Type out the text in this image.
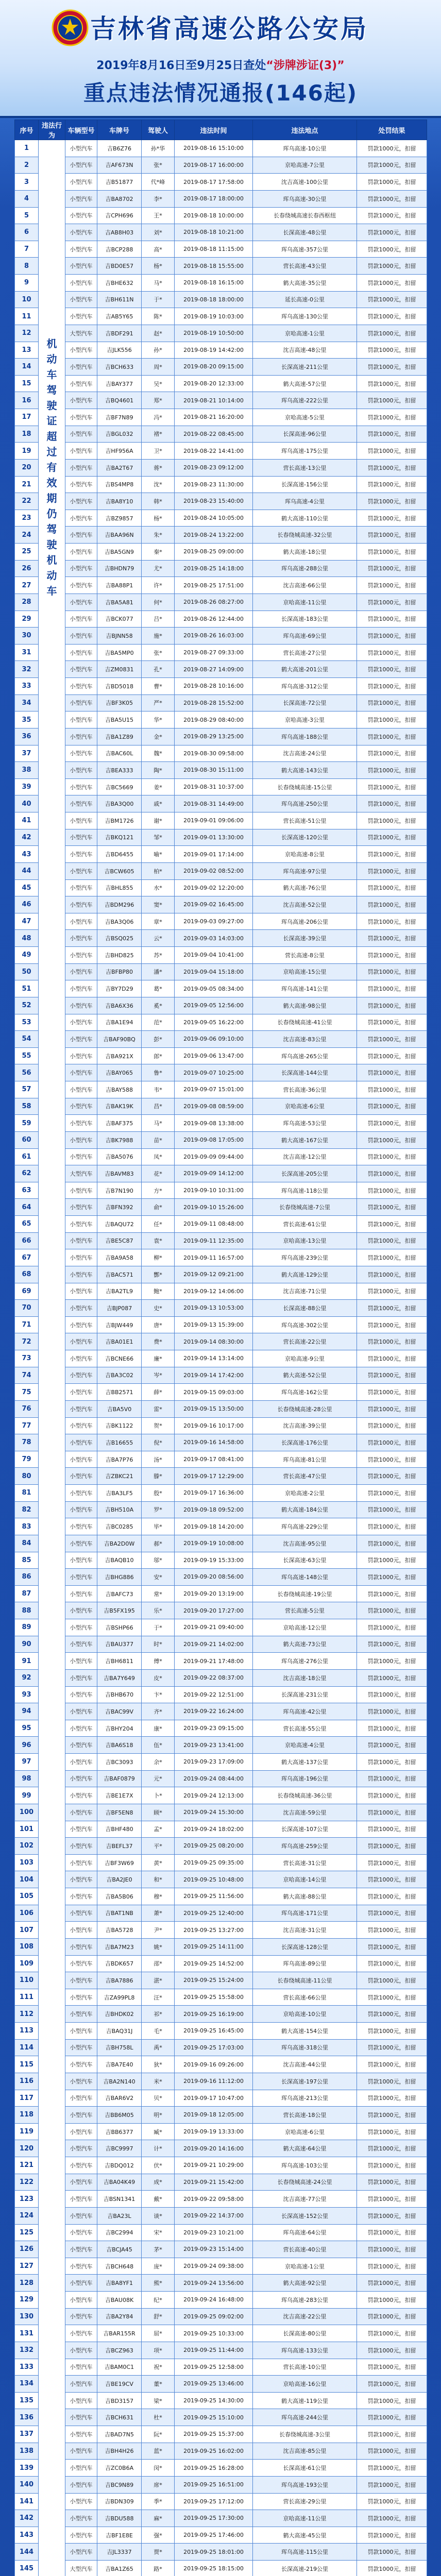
吉林省高速公路公安局
2019年8月16日至9月25日查处“涉牌涉证(3)”
重点违法情况通报(146起)
序号	违法行为	车辆型号	车牌号	驾驶人	违法时间	违法地点	处罚结果
1	机动车驾驶证超过有效期仍驾驶机动车	小型汽车	吉B6Z76	孙*华	2019-08-16 15:10:00	珲乌高速-10公里	罚款1000元，扣留
2		小型汽车	吉AF673N	张*	2019-08-17 16:00:00	京哈高速-7公里	罚款1000元，扣留
3		小型汽车	吉B51877	代*峰	2019-08-17 17:58:00	沈吉高速-100公里	罚款1000元，扣留
4		小型汽车	吉BA8702	李*	2019-08-17 18:00:00	珲乌高速-30公里	罚款1000元，扣留
5		小型汽车	吉CPH696	王*	2019-08-18 10:00:00	长春绕城高速长春西枢纽	罚款1000元，扣留
6		小型汽车	吉AB8H03	刘*	2019-08-18 10:21:00	长深高速-48公里	罚款1000元，扣留
7		小型汽车	吉BCP288	高*	2019-08-18 11:15:00	珲乌高速-357公里	罚款1000元，扣留
8		小型汽车	吉BD0E57	杨*	2019-08-18 15:55:00	营长高速-43公里	罚款1000元，扣留
9		小型汽车	吉BHE632	马*	2019-08-18 16:15:00	鹤大高速-35公里	罚款1000元，扣留
10		小型汽车	吉BH611N	于*	2019-08-18 18:00:00	延长高速-0公里	罚款1000元，扣留
11		小型汽车	吉AB5Y65	陈*	2019-08-19 10:03:00	珲乌高速-130公里	罚款1000元，扣留
12		大型汽车	吉BDF291	赵*	2019-08-19 10:50:00	京哈高速-1公里	罚款1000元，扣留
13		小型汽车	吉JLK556	孙*	2019-08-19 14:42:00	沈吉高速-48公里	罚款1000元，扣留
14		小型汽车	吉BCH633	周*	2019-08-20 09:15:00	长深高速-211公里	罚款1000元，扣留
15		小型汽车	吉BAY377	吴*	2019-08-20 12:33:00	鹤大高速-57公里	罚款1000元，扣留
16		小型汽车	吉BQ4601	郑*	2019-08-21 10:14:00	珲乌高速-222公里	罚款1000元，扣留
17		小型汽车	吉BF7N89	冯*	2019-08-21 16:20:00	京哈高速-5公里	罚款1000元，扣留
18		小型汽车	吉BGL032	褚*	2019-08-22 08:45:00	长深高速-96公里	罚款1000元，扣留
19		小型汽车	吉HF956A	卫*	2019-08-22 14:41:00	珲乌高速-175公里	罚款1000元，扣留
20		小型汽车	吉BA2T67	蒋*	2019-08-23 09:12:00	营长高速-13公里	罚款1000元，扣留
21		小型汽车	吉BS4MP8	沈*	2019-08-23 11:30:00	长深高速-156公里	罚款1000元，扣留
22		小型汽车	吉BA8Y10	韩*	2019-08-23 15:40:00	珲乌高速-4公里	罚款1000元，扣留
23		小型汽车	吉BZ9857	杨*	2019-08-24 10:05:00	鹤大高速-110公里	罚款1000元，扣留
24		小型汽车	吉BAA96N	朱*	2019-08-24 13:22:00	长春绕城高速-32公里	罚款1000元，扣留
25		小型汽车	吉BA5GN9	秦*	2019-08-25 09:00:00	鹤大高速-18公里	罚款1000元，扣留
26		小型汽车	吉BHDN79	尤*	2019-08-25 14:18:00	珲乌高速-288公里	罚款1000元，扣留
27		小型汽车	吉BA88P1	许*	2019-08-25 17:51:00	沈吉高速-66公里	罚款1000元，扣留
28		小型汽车	吉BA5A81	何*	2019-08-26 08:27:00	京哈高速-11公里	罚款1000元，扣留
29		小型汽车	吉BCK077	吕*	2019-08-26 12:44:00	长深高速-183公里	罚款1000元，扣留
30		小型汽车	吉BJNN58	施*	2019-08-26 16:03:00	珲乌高速-69公里	罚款1000元，扣留
31		小型汽车	吉BA5MP0	张*	2019-08-27 09:33:00	营长高速-27公里	罚款1000元，扣留
32		小型汽车	吉ZM0831	孔*	2019-08-27 14:09:00	鹤大高速-201公里	罚款1000元，扣留
33		小型汽车	吉BD5018	曹*	2019-08-28 10:16:00	珲乌高速-312公里	罚款1000元，扣留
34		小型汽车	吉BF3K05	严*	2019-08-28 15:52:00	长深高速-72公里	罚款1000元，扣留
35		小型汽车	吉BA5U15	华*	2019-08-29 08:40:00	京哈高速-3公里	罚款1000元，扣留
36		小型汽车	吉BA1Z89	金*	2019-08-29 13:25:00	珲乌高速-188公里	罚款1000元，扣留
37		小型汽车	吉BAC60L	魏*	2019-08-30 09:58:00	沈吉高速-24公里	罚款1000元，扣留
38		小型汽车	吉BEA333	陶*	2019-08-30 15:11:00	鹤大高速-143公里	罚款1000元，扣留
39		小型汽车	吉BC5669	姜*	2019-08-31 10:37:00	长春绕城高速-15公里	罚款1000元，扣留
40		小型汽车	吉BA3Q00	戚*	2019-08-31 14:49:00	珲乌高速-250公里	罚款1000元，扣留
41		小型汽车	吉BM1726	谢*	2019-09-01 09:06:00	营长高速-51公里	罚款1000元，扣留
42		小型汽车	吉BKQ121	邹*	2019-09-01 13:30:00	长深高速-120公里	罚款1000元，扣留
43		小型汽车	吉BD6455	喻*	2019-09-01 17:14:00	京哈高速-8公里	罚款1000元，扣留
44		小型汽车	吉BCW605	柏*	2019-09-02 08:52:00	珲乌高速-97公里	罚款1000元，扣留
45		小型汽车	吉BHL855	水*	2019-09-02 12:20:00	鹤大高速-76公里	罚款1000元，扣留
46		小型汽车	吉BDM296	窦*	2019-09-02 16:45:00	沈吉高速-52公里	罚款1000元，扣留
47		小型汽车	吉BA3Q06	章*	2019-09-03 09:27:00	珲乌高速-206公里	罚款1000元，扣留
48		小型汽车	吉BSQ025	云*	2019-09-03 14:03:00	长深高速-39公里	罚款1000元，扣留
49		小型汽车	吉BHD825	苏*	2019-09-04 10:41:00	营长高速-8公里	罚款1000元，扣留
50		小型汽车	吉BFBP80	潘*	2019-09-04 15:18:00	京哈高速-15公里	罚款1000元，扣留
51		小型汽车	吉BY7D29	葛*	2019-09-05 08:34:00	珲乌高速-141公里	罚款1000元，扣留
52		小型汽车	吉BA6X36	奚*	2019-09-05 12:56:00	鹤大高速-98公里	罚款1000元，扣留
53		小型汽车	吉BA1E94	范*	2019-09-05 16:22:00	长春绕城高速-41公里	罚款1000元，扣留
54		小型汽车	吉BAF90BQ	彭*	2019-09-06 09:10:00	沈吉高速-83公里	罚款1000元，扣留
55		小型汽车	吉BA921X	郎*	2019-09-06 13:47:00	珲乌高速-265公里	罚款1000元，扣留
56		小型汽车	吉BAY065	鲁*	2019-09-07 10:25:00	长深高速-144公里	罚款1000元，扣留
57		小型汽车	吉BAY588	韦*	2019-09-07 15:01:00	营长高速-36公里	罚款1000元，扣留
58		小型汽车	吉BAK19K	昌*	2019-09-08 08:59:00	京哈高速-6公里	罚款1000元，扣留
59		小型汽车	吉BAF375	马*	2019-09-08 13:38:00	珲乌高速-53公里	罚款1000元，扣留
60		小型汽车	吉BK7988	苗*	2019-09-08 17:05:00	鹤大高速-167公里	罚款1000元，扣留
61		小型汽车	吉BA5076	凤*	2019-09-09 09:44:00	沈吉高速-12公里	罚款1000元，扣留
62		大型汽车	吉BAVM83	花*	2019-09-09 14:12:00	长深高速-205公里	罚款1000元，扣留
63		小型汽车	吉B7N190	方*	2019-09-10 10:31:00	珲乌高速-118公里	罚款1000元，扣留
64		小型汽车	吉BFN392	俞*	2019-09-10 15:26:00	长春绕城高速-7公里	罚款1000元，扣留
65		小型汽车	吉BAQU72	任*	2019-09-11 08:48:00	营长高速-61公里	罚款1000元，扣留
66		小型汽车	吉BE5C87	袁*	2019-09-11 12:35:00	京哈高速-13公里	罚款1000元，扣留
67		小型汽车	吉BA9A58	柳*	2019-09-11 16:57:00	珲乌高速-239公里	罚款1000元，扣留
68		小型汽车	吉BAC571	酆*	2019-09-12 09:21:00	鹤大高速-129公里	罚款1000元，扣留
69		小型汽车	吉BA2TL9	鲍*	2019-09-12 14:06:00	沈吉高速-71公里	罚款1000元，扣留
70		小型汽车	吉BJP087	史*	2019-09-13 10:53:00	长深高速-88公里	罚款1000元，扣留
71		小型汽车	吉BJW449	唐*	2019-09-13 15:39:00	珲乌高速-302公里	罚款1000元，扣留
72		小型汽车	吉BA01E1	费*	2019-09-14 08:30:00	营长高速-22公里	罚款1000元，扣留
73		小型汽车	吉BCNE66	廉*	2019-09-14 13:14:00	京哈高速-9公里	罚款1000元，扣留
74		小型汽车	吉BA3C02	岑*	2019-09-14 17:42:00	鹤大高速-52公里	罚款1000元，扣留
75		小型汽车	吉BB2571	薛*	2019-09-15 09:03:00	珲乌高速-162公里	罚款1000元，扣留
76		小型汽车	吉BA5V0	雷*	2019-09-15 13:50:00	长春绕城高速-28公里	罚款1000元，扣留
77		小型汽车	吉BK1122	贺*	2019-09-16 10:17:00	沈吉高速-39公里	罚款1000元，扣留
78		小型汽车	吉B16655	倪*	2019-09-16 14:58:00	长深高速-176公里	罚款1000元，扣留
79		小型汽车	吉BA7P76	汤*	2019-09-17 08:41:00	珲乌高速-81公里	罚款1000元，扣留
80		小型汽车	吉ZBKC21	滕*	2019-09-17 12:29:00	营长高速-47公里	罚款1000元，扣留
81		小型汽车	吉BA3LF5	殷*	2019-09-17 16:36:00	京哈高速-2公里	罚款1000元，扣留
82		小型汽车	吉BH510A	罗*	2019-09-18 09:52:00	鹤大高速-184公里	罚款1000元，扣留
83		小型汽车	吉BC0285	毕*	2019-09-18 14:20:00	珲乌高速-229公里	罚款1000元，扣留
84		小型汽车	吉BA2D0W	郝*	2019-09-19 10:08:00	沈吉高速-95公里	罚款1000元，扣留
85		小型汽车	吉BAQB10	邬*	2019-09-19 15:33:00	长深高速-63公里	罚款1000元，扣留
86		小型汽车	吉BHG886	安*	2019-09-20 08:56:00	珲乌高速-148公里	罚款1000元，扣留
87		小型汽车	吉BAFC73	常*	2019-09-20 13:19:00	长春绕城高速-19公里	罚款1000元，扣留
88		小型汽车	吉B5FX195	乐*	2019-09-20 17:27:00	营长高速-5公里	罚款1000元，扣留
89		小型汽车	吉BSHP66	于*	2019-09-21 09:40:00	京哈高速-12公里	罚款1000元，扣留
90		小型汽车	吉BAU377	时*	2019-09-21 14:02:00	鹤大高速-73公里	罚款1000元，扣留
91		小型汽车	吉BH6811	傅*	2019-09-21 17:48:00	珲乌高速-276公里	罚款1000元，扣留
92		小型汽车	吉BA7Y649	皮*	2019-09-22 08:37:00	沈吉高速-18公里	罚款1000元，扣留
93		小型汽车	吉BHB670	卞*	2019-09-22 12:51:00	长深高速-231公里	罚款1000元，扣留
94		小型汽车	吉BAC99V	齐*	2019-09-22 16:24:00	珲乌高速-42公里	罚款1000元，扣留
95		小型汽车	吉BHY204	康*	2019-09-23 09:15:00	营长高速-55公里	罚款1000元，扣留
96		小型汽车	吉BA6S18	伍*	2019-09-23 13:41:00	京哈高速-4公里	罚款1000元，扣留
97		小型汽车	吉BC3093	余*	2019-09-23 17:09:00	鹤大高速-137公里	罚款1000元，扣留
98		小型汽车	吉BAF0879	元*	2019-09-24 08:44:00	珲乌高速-196公里	罚款1000元，扣留
99		小型汽车	吉BE1E7X	卜*	2019-09-24 12:13:00	长春绕城高速-36公里	罚款1000元，扣留
100		小型汽车	吉BF5EN8	顾*	2019-09-24 15:30:00	沈吉高速-59公里	罚款1000元，扣留
101		小型汽车	吉BHF480	孟*	2019-09-24 18:02:00	长深高速-107公里	罚款1000元，扣留
102		小型汽车	吉BEFL37	平*	2019-09-25 08:20:00	珲乌高速-259公里	罚款1000元，扣留
103		小型汽车	吉BF3W69	黄*	2019-09-25 09:35:00	营长高速-31公里	罚款1000元，扣留
104		小型汽车	吉BA2JE0	和*	2019-09-25 10:48:00	京哈高速-14公里	罚款1000元，扣留
105		小型汽车	吉BA5B06	穆*	2019-09-25 11:56:00	鹤大高速-88公里	罚款1000元，扣留
106		小型汽车	吉BAT1NB	萧*	2019-09-25 12:40:00	珲乌高速-171公里	罚款1000元，扣留
107		小型汽车	吉BA5728	尹*	2019-09-25 13:27:00	沈吉高速-31公里	罚款1000元，扣留
108		小型汽车	吉BA7M23	姚*	2019-09-25 14:11:00	长深高速-128公里	罚款1000元，扣留
109		小型汽车	吉BDK657	邵*	2019-09-25 14:52:00	珲乌高速-89公里	罚款1000元，扣留
110		小型汽车	吉BA7886	湛*	2019-09-25 15:24:00	长春绕城高速-11公里	罚款1000元，扣留
111		小型汽车	吉ZA99PL8	汪*	2019-09-25 15:58:00	营长高速-66公里	罚款1000元，扣留
112		小型汽车	吉BHDK02	祁*	2019-09-25 16:19:00	京哈高速-10公里	罚款1000元，扣留
113		小型汽车	吉BAQ31J	毛*	2019-09-25 16:45:00	鹤大高速-154公里	罚款1000元，扣留
114		小型汽车	吉BH758L	禹*	2019-09-25 17:03:00	珲乌高速-318公里	罚款1000元，扣留
115		小型汽车	吉BA7E40	狄*	2019-09-16 09:26:00	沈吉高速-44公里	罚款1000元，扣留
116		小型汽车	吉BA2N140	米*	2019-09-16 11:12:00	长深高速-197公里	罚款1000元，扣留
117		小型汽车	吉BAR6V2	贝*	2019-09-17 10:47:00	珲乌高速-213公里	罚款1000元，扣留
118		小型汽车	吉BB6M05	明*	2019-09-18 12:05:00	营长高速-18公里	罚款1000元，扣留
119		小型汽车	吉BB6377	臧*	2019-09-19 13:33:00	京哈高速-6公里	罚款1000元，扣留
120		小型汽车	吉BC9997	计*	2019-09-20 14:16:00	鹤大高速-64公里	罚款1000元，扣留
121		小型汽车	吉BDQ012	伏*	2019-09-21 10:29:00	珲乌高速-103公里	罚款1000元，扣留
122		小型汽车	吉BA04K49	成*	2019-09-21 15:42:00	长春绕城高速-24公里	罚款1000元，扣留
123		小型汽车	吉BSN1341	戴*	2019-09-22 09:58:00	沈吉高速-77公里	罚款1000元，扣留
124		小型汽车	吉BA23L	谈*	2019-09-22 14:37:00	长深高速-152公里	罚款1000元，扣留
125		小型汽车	吉BC2994	宋*	2019-09-23 10:21:00	珲乌高速-64公里	罚款1000元，扣留
126		小型汽车	吉BCJA45	茅*	2019-09-23 15:14:00	营长高速-40公里	罚款1000元，扣留
127		小型汽车	吉BCH648	庞*	2019-09-24 09:38:00	京哈高速-1公里	罚款1000元，扣留
128		小型汽车	吉BA8YF1	熊*	2019-09-24 13:56:00	鹤大高速-92公里	罚款1000元，扣留
129		小型汽车	吉BAU08K	纪*	2019-09-24 16:48:00	珲乌高速-283公里	罚款1000元，扣留
130		小型汽车	吉BA2Y84	舒*	2019-09-25 09:02:00	沈吉高速-22公里	罚款1000元，扣留
131		小型汽车	吉BAR155R	屈*	2019-09-25 10:33:00	长深高速-80公里	罚款1000元，扣留
132		小型汽车	吉BCZ963	项*	2019-09-25 11:44:00	珲乌高速-133公里	罚款1000元，扣留
133		小型汽车	吉BAM0C1	祝*	2019-09-25 12:58:00	营长高速-10公里	罚款1000元，扣留
134		小型汽车	吉BE19CV	董*	2019-09-25 13:46:00	京哈高速-16公里	罚款1000元，扣留
135		小型汽车	吉BD3157	梁*	2019-09-25 14:30:00	鹤大高速-119公里	罚款1000元，扣留
136		小型汽车	吉BCH631	杜*	2019-09-25 15:10:00	珲乌高速-244公里	罚款1000元，扣留
137		小型汽车	吉BAD7N5	阮*	2019-09-25 15:37:00	长春绕城高速-3公里	罚款1000元，扣留
138		小型汽车	吉BH4H26	蓝*	2019-09-25 16:02:00	沈吉高速-85公里	罚款1000元，扣留
139		小型汽车	吉ZC0B6A	闵*	2019-09-25 16:28:00	长深高速-61公里	罚款1000元，扣留
140		小型汽车	吉BC9N89	席*	2019-09-25 16:51:00	珲乌高速-193公里	罚款1000元，扣留
141		小型汽车	吉BDN309	季*	2019-09-25 17:12:00	营长高速-29公里	罚款1000元，扣留
142		小型汽车	吉BDU588	麻*	2019-09-25 17:30:00	京哈高速-11公里	罚款1000元，扣留
143		小型汽车	吉BF1E8E	强*	2019-09-25 17:46:00	鹤大高速-45公里	罚款1000元，扣留
144		小型汽车	吉JL3337	贾*	2019-09-25 18:01:00	珲乌高速-115公里	罚款1000元，扣留
145		大型汽车	吉BA1Z65	路*	2019-09-25 18:15:00	长深高速-219公里	罚款1000元，扣留
